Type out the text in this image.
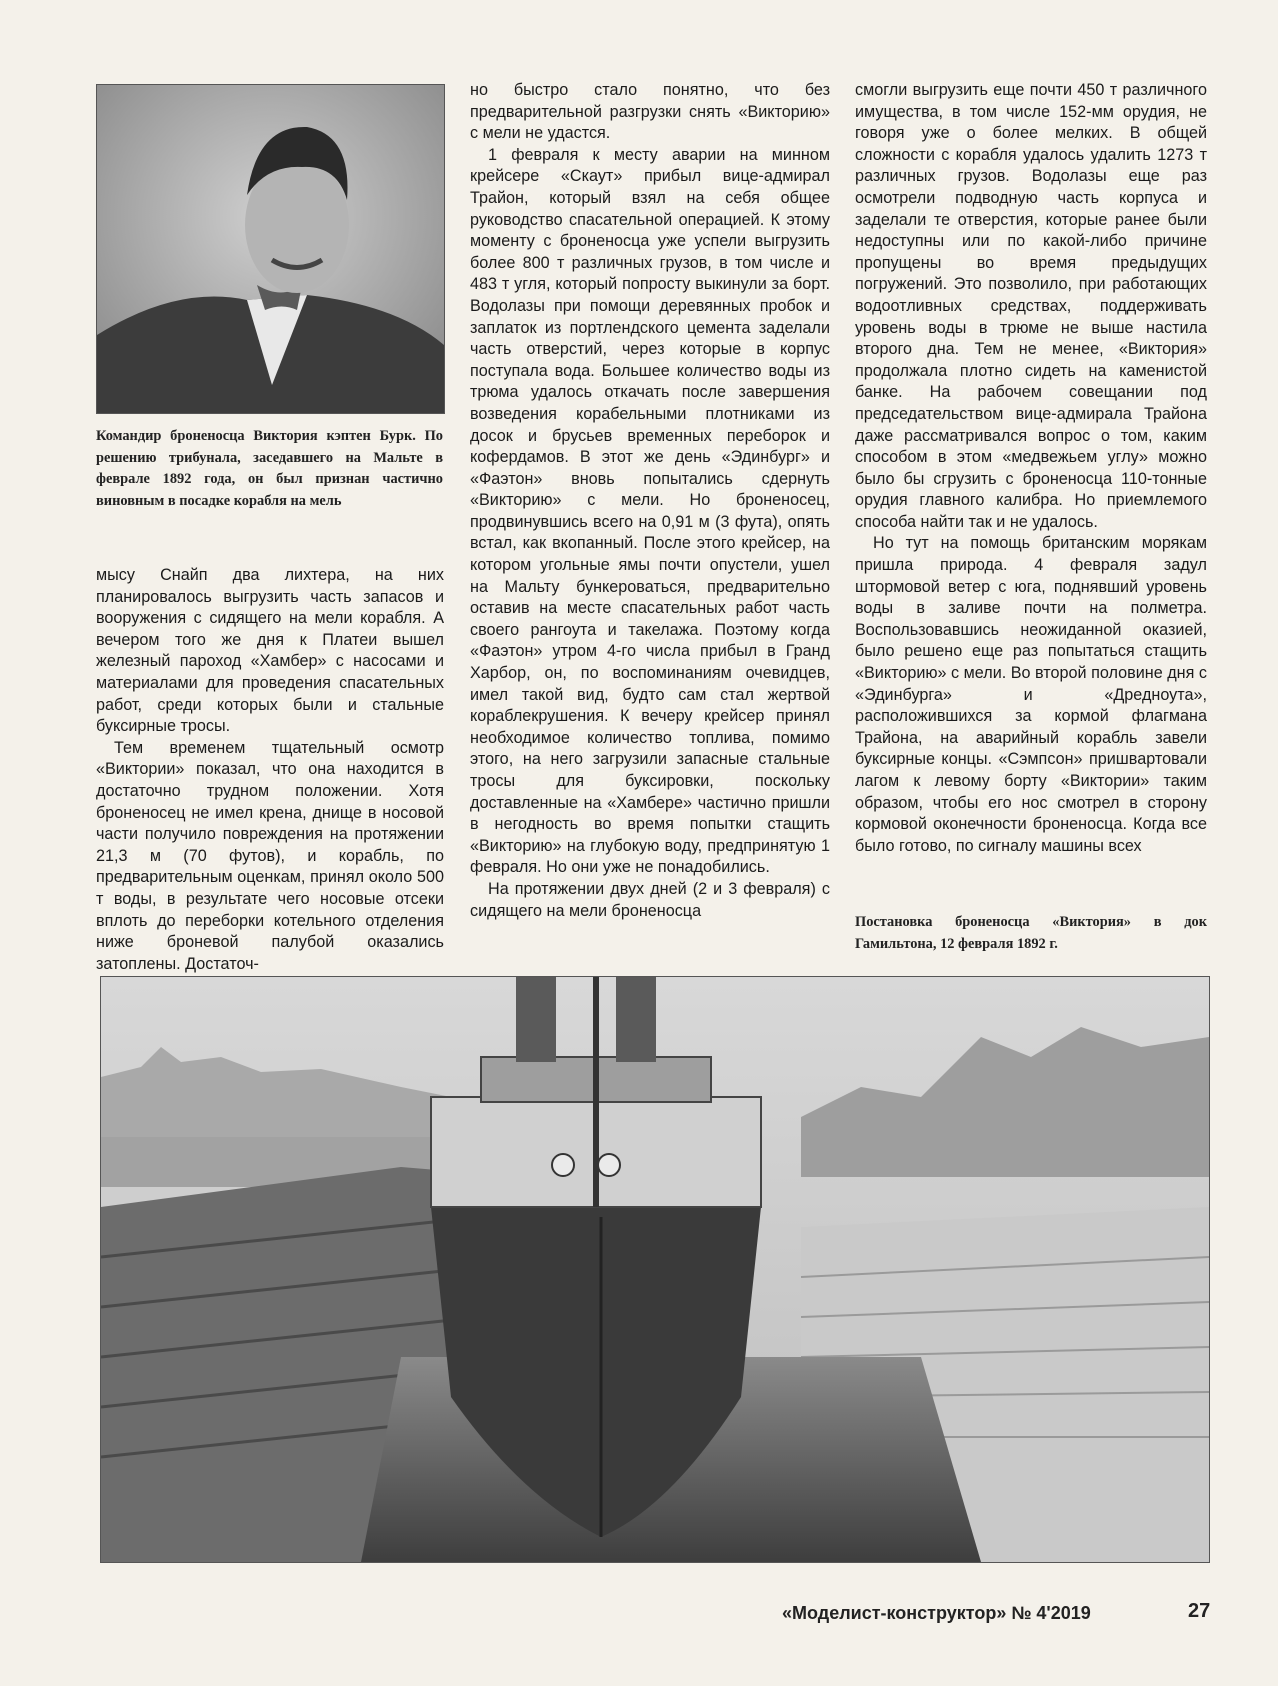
Командир броненосца Виктория кэптен Бурк. По решению трибунала, заседавшего на Мальте в феврале 1892 года, он был признан частично виновным в посадке корабля на мель

мысу Снайп два лихтера, на них планировалось выгрузить часть запасов и вооружения с сидящего на мели корабля. А вечером того же дня к Платеи вышел железный пароход «Хамбер» с насосами и материалами для проведения спасательных работ, среди которых были и стальные буксирные тросы.

Тем временем тщательный осмотр «Виктории» показал, что она находится в достаточно трудном положении. Хотя броненосец не имел крена, днище в носовой части получило повреждения на протяжении 21,3 м (70 футов), и корабль, по предварительным оценкам, принял около 500 т воды, в результате чего носовые отсеки вплоть до переборки котельного отделения ниже броневой палубой оказались затоплены. Достаточ-

но быстро стало понятно, что без предварительной разгрузки снять «Викторию» с мели не удастся.

1 февраля к месту аварии на минном крейсере «Скаут» прибыл вице-адмирал Трайон, который взял на себя общее руководство спасательной операцией. К этому моменту с броненосца уже успели выгрузить более 800 т различных грузов, в том числе и 483 т угля, который попросту выкинули за борт. Водолазы при помощи деревянных пробок и заплаток из портлендского цемента заделали часть отверстий, через которые в корпус поступала вода. Большее количество воды из трюма удалось откачать после завершения возведения корабельными плотниками из досок и брусьев временных переборок и кофердамов. В этот же день «Эдинбург» и «Фаэтон» вновь попытались сдернуть «Викторию» с мели. Но броненосец, продвинувшись всего на 0,91 м (3 фута), опять встал, как вкопанный. После этого крейсер, на котором угольные ямы почти опустели, ушел на Мальту бункероваться, предварительно оставив на месте спасательных работ часть своего рангоута и такелажа. Поэтому когда «Фаэтон» утром 4-го числа прибыл в Гранд Харбор, он, по воспоминаниям очевидцев, имел такой вид, будто сам стал жертвой кораблекрушения. К вечеру крейсер принял необходимое количество топлива, помимо этого, на него загрузили запасные стальные тросы для буксировки, поскольку доставленные на «Хамбере» частично пришли в негодность во время попытки стащить «Викторию» на глубокую воду, предпринятую 1 февраля. Но они уже не понадобились.

На протяжении двух дней (2 и 3 февраля) с сидящего на мели броненосца

смогли выгрузить еще почти 450 т различного имущества, в том числе 152-мм орудия, не говоря уже о более мелких. В общей сложности с корабля удалось удалить 1273 т различных грузов. Водолазы еще раз осмотрели подводную часть корпуса и заделали те отверстия, которые ранее были недоступны или по какой-либо причине пропущены во время предыдущих погружений. Это позволило, при работающих водоотливных средствах, поддерживать уровень воды в трюме не выше настила второго дна. Тем не менее, «Виктория» продолжала плотно сидеть на каменистой банке. На рабочем совещании под председательством вице-адмирала Трайона даже рассматривался вопрос о том, каким способом в этом «медвежьем углу» можно было бы сгрузить с броненосца 110-тонные орудия главного калибра. Но приемлемого способа найти так и не удалось.

Но тут на помощь британским морякам пришла природа. 4 февраля задул штормовой ветер с юга, поднявший уровень воды в заливе почти на полметра. Воспользовавшись неожиданной оказией, было решено еще раз попытаться стащить «Викторию» с мели. Во второй половине дня с «Эдинбурга» и «Дредноута», расположившихся за кормой флагмана Трайона, на аварийный корабль завели буксирные концы. «Сэмпсон» пришвартовали лагом к левому борту «Виктории» таким образом, чтобы его нос смотрел в сторону кормовой оконечности броненосца. Когда все было готово, по сигналу машины всех

Постановка броненосца «Виктория» в док Гамильтона, 12 февраля 1892 г.
«Моделист-конструктор» № 4'2019	27
